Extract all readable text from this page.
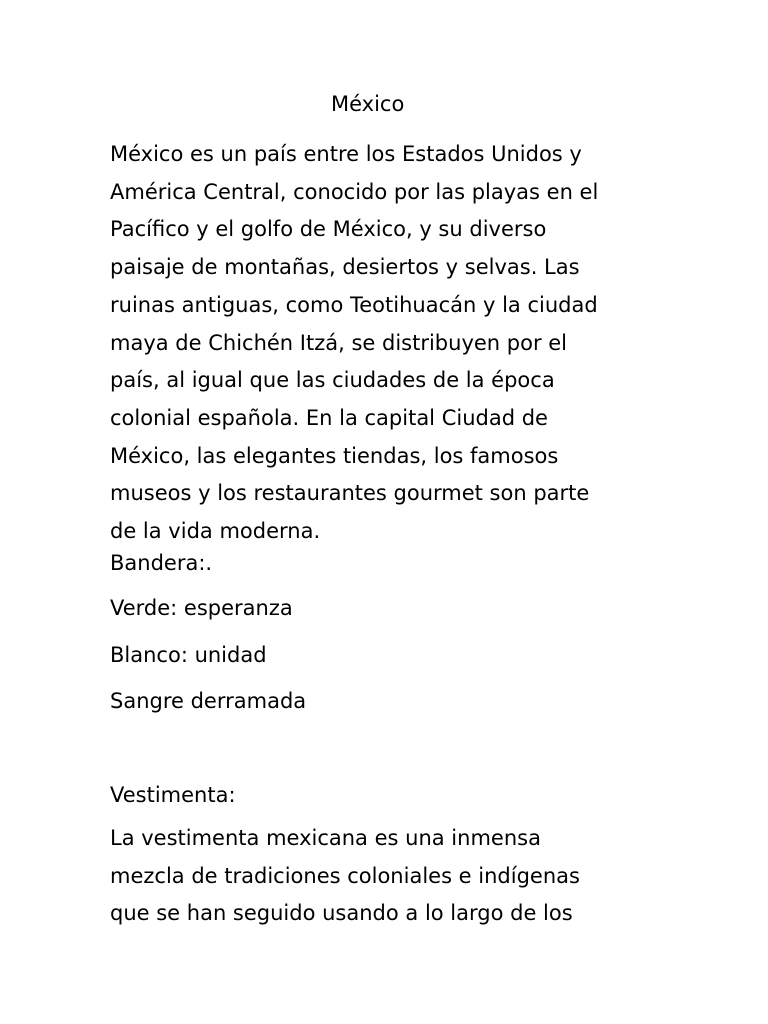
México

México es un país entre los Estados Unidos y
América Central, conocido por las playas en el
Pacífico y el golfo de México, y su diverso
paisaje de montañas, desiertos y selvas. Las
ruinas antiguas, como Teotihuacán y la ciudad
maya de Chichén Itzá, se distribuyen por el
país, al igual que las ciudades de la época
colonial española. En la capital Ciudad de
México, las elegantes tiendas, los famosos
museos y los restaurantes gourmet son parte
de la vida moderna.

Bandera:.

Verde: esperanza

Blanco: unidad

Sangre derramada

Vestimenta:

La vestimenta mexicana es una inmensa
mezcla de tradiciones coloniales e indígenas
que se han seguido usando a lo largo de los
